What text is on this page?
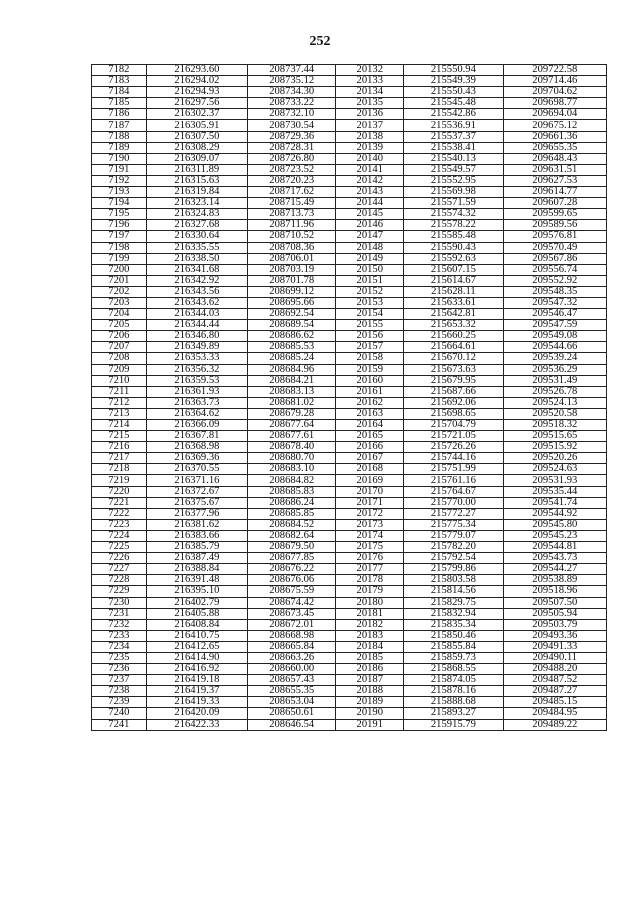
252
7182	216293.60	208737.44	20132	215550.94	209722.58
7183	216294.02	208735.12	20133	215549.39	209714.46
7184	216294.93	208734.30	20134	215550.43	209704.62
7185	216297.56	208733.22	20135	215545.48	209698.77
7186	216302.37	208732.10	20136	215542.86	209694.04
7187	216305.91	208730.54	20137	215536.91	209675.12
7188	216307.50	208729.36	20138	215537.37	209661.36
7189	216308.29	208728.31	20139	215538.41	209655.35
7190	216309.07	208726.80	20140	215540.13	209648.43
7191	216311.89	208723.52	20141	215549.57	209631.51
7192	216315.63	208720.23	20142	215552.95	209627.53
7193	216319.84	208717.62	20143	215569.98	209614.77
7194	216323.14	208715.49	20144	215571.59	209607.28
7195	216324.83	208713.73	20145	215574.32	209599.65
7196	216327.68	208711.96	20146	215578.22	209589.56
7197	216330.64	208710.52	20147	215585.48	209576.81
7198	216335.55	208708.36	20148	215590.43	209570.49
7199	216338.50	208706.01	20149	215592.63	209567.86
7200	216341.68	208703.19	20150	215607.15	209556.74
7201	216342.92	208701.78	20151	215614.67	209552.92
7202	216343.56	208699.12	20152	215628.11	209548.35
7203	216343.62	208695.66	20153	215633.61	209547.32
7204	216344.03	208692.54	20154	215642.81	209546.47
7205	216344.44	208689.54	20155	215653.32	209547.59
7206	216346.80	208686.62	20156	215660.25	209549.08
7207	216349.89	208685.53	20157	215664.61	209544.66
7208	216353.33	208685.24	20158	215670.12	209539.24
7209	216356.32	208684.96	20159	215673.63	209536.29
7210	216359.53	208684.21	20160	215679.95	209531.49
7211	216361.93	208683.13	20161	215687.66	209526.78
7212	216363.73	208681.02	20162	215692.06	209524.13
7213	216364.62	208679.28	20163	215698.65	209520.58
7214	216366.09	208677.64	20164	215704.79	209518.32
7215	216367.81	208677.61	20165	215721.05	209515.65
7216	216368.98	208678.40	20166	215726.26	209515.92
7217	216369.36	208680.70	20167	215744.16	209520.26
7218	216370.55	208683.10	20168	215751.99	209524.63
7219	216371.16	208684.82	20169	215761.16	209531.93
7220	216372.67	208685.83	20170	215764.67	209535.44
7221	216375.67	208686.24	20171	215770.00	209541.74
7222	216377.96	208685.85	20172	215772.27	209544.92
7223	216381.62	208684.52	20173	215775.34	209545.80
7224	216383.66	208682.64	20174	215779.07	209545.23
7225	216385.79	208679.50	20175	215782.20	209544.81
7226	216387.49	208677.85	20176	215792.54	209543.73
7227	216388.84	208676.22	20177	215799.86	209544.27
7228	216391.48	208676.06	20178	215803.58	209538.89
7229	216395.10	208675.59	20179	215814.56	209518.96
7230	216402.79	208674.42	20180	215829.75	209507.50
7231	216405.88	208673.45	20181	215832.94	209505.94
7232	216408.84	208672.01	20182	215835.34	209503.79
7233	216410.75	208668.98	20183	215850.46	209493.36
7234	216412.65	208665.84	20184	215855.84	209491.33
7235	216414.90	208663.26	20185	215859.73	209490.11
7236	216416.92	208660.00	20186	215868.55	209488.20
7237	216419.18	208657.43	20187	215874.05	209487.52
7238	216419.37	208655.35	20188	215878.16	209487.27
7239	216419.33	208653.04	20189	215888.68	209485.15
7240	216420.09	208650.61	20190	215893.27	209484.95
7241	216422.33	208646.54	20191	215915.79	209489.22
